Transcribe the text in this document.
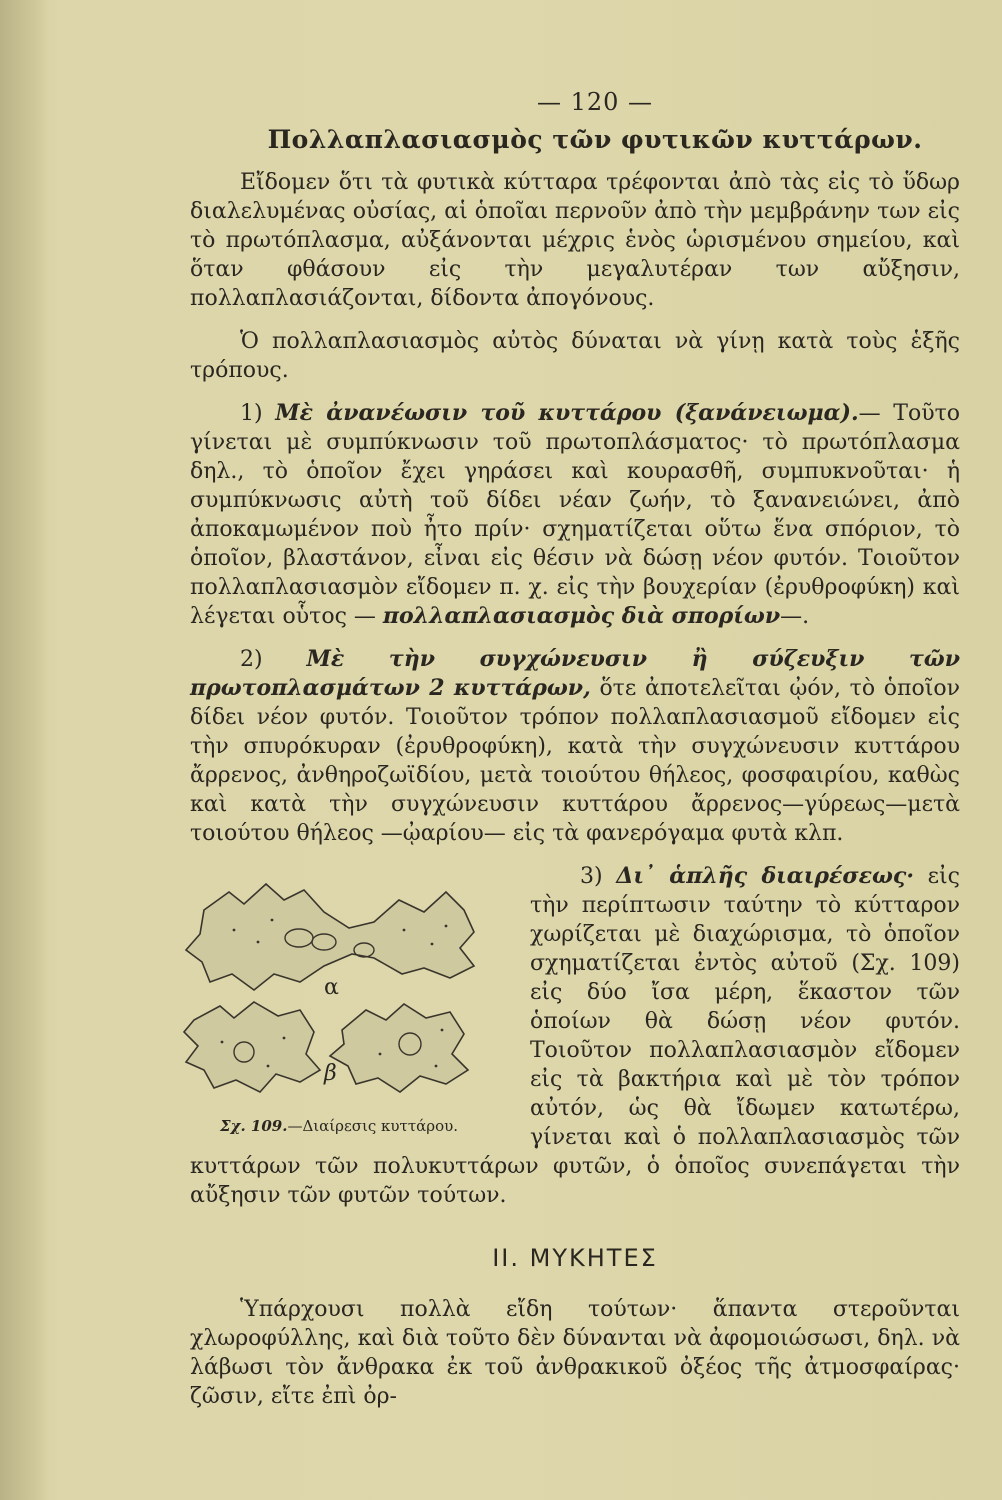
— 120 —
Πολλαπλασιασμὸς τῶν φυτικῶν κυττάρων.

Εἴδομεν ὅτι τὰ φυτικὰ κύτταρα τρέφονται ἀπὸ τὰς εἰς τὸ ὕδωρ διαλελυμένας οὐσίας, αἱ ὁποῖαι περνοῦν ἀπὸ τὴν μεμβράνην των εἰς τὸ πρωτόπλασμα, αὐξάνονται μέχρις ἑνὸς ὡρισμένου σημείου, καὶ ὅταν φθάσουν εἰς τὴν μεγαλυτέραν των αὔξησιν, πολλαπλασιάζονται, δίδοντα ἀπογόνους.

Ὁ πολλαπλασιασμὸς αὐτὸς δύναται νὰ γίνῃ κατὰ τοὺς ἑξῆς τρόπους.

1) Μὲ ἀνανέωσιν τοῦ κυττάρου (ξανάνειωμα).— Τοῦτο γίνεται μὲ συμπύκνωσιν τοῦ πρωτοπλάσματος· τὸ πρωτόπλασμα δηλ., τὸ ὁποῖον ἔχει γηράσει καὶ κουρασθῆ, συμπυκνοῦται· ἡ συμπύκνωσις αὐτὴ τοῦ δίδει νέαν ζωήν, τὸ ξανανειώνει, ἀπὸ ἀποκαμωμένον ποὺ ἦτο πρίν· σχηματίζεται οὕτω ἕνα σπόριον, τὸ ὁποῖον, βλαστάνον, εἶναι εἰς θέσιν νὰ δώσῃ νέον φυτόν. Τοιοῦτον πολλαπλασιασμὸν εἴδομεν π. χ. εἰς τὴν βουχερίαν (ἐρυθροφύκη) καὶ λέγεται οὗτος — πολλαπλασιασμὸς διὰ σπορίων—.

2) Μὲ τὴν συγχώνευσιν ἢ σύζευξιν τῶν πρωτοπλασμάτων 2 κυττάρων, ὅτε ἀποτελεῖται ᾠόν, τὸ ὁποῖον δίδει νέον φυτόν. Τοιοῦτον τρόπον πολλαπλασιασμοῦ εἴδομεν εἰς τὴν σπυρόκυραν (ἐρυθροφύκη), κατὰ τὴν συγχώνευσιν κυττάρου ἄρρενος, ἀνθηροζωϊδίου, μετὰ τοιούτου θήλεος, φοσφαιρίου, καθὼς καὶ κατὰ τὴν συγχώνευσιν κυττάρου ἄρρενος—γύρεως—μετὰ τοιούτου θήλεος —ᾠαρίου— εἰς τὰ φανερόγαμα φυτὰ κλπ.

α
β
Σχ. 109.—Διαίρεσις κυττάρου.

3) Δι᾽ ἁπλῆς διαιρέσεως· εἰς τὴν περίπτωσιν ταύτην τὸ κύτταρον χωρίζεται μὲ διαχώρισμα, τὸ ὁποῖον σχηματίζεται ἐντὸς αὐτοῦ (Σχ. 109) εἰς δύο ἴσα μέρη, ἕκαστον τῶν ὁποίων θὰ δώσῃ νέον φυτόν. Τοιοῦτον πολλαπλασιασμὸν εἴδομεν εἰς τὰ βακτήρια καὶ μὲ τὸν τρόπον αὐτόν, ὡς θὰ ἴδωμεν κατωτέρω, γίνεται καὶ ὁ πολλαπλασιασμὸς τῶν κυττάρων τῶν πολυκυττάρων φυτῶν, ὁ ὁποῖος συνεπάγεται τὴν αὔξησιν τῶν φυτῶν τούτων.

II. ΜΥΚΗΤΕΣ

Ὑπάρχουσι πολλὰ εἴδη τούτων· ἅπαντα στεροῦνται χλωροφύλλης, καὶ διὰ τοῦτο δὲν δύνανται νὰ ἀφομοιώσωσι, δηλ. νὰ λάβωσι τὸν ἄνθρακα ἐκ τοῦ ἀνθρακικοῦ ὀξέος τῆς ἀτμοσφαίρας· ζῶσιν, εἴτε ἐπὶ ὀρ-
